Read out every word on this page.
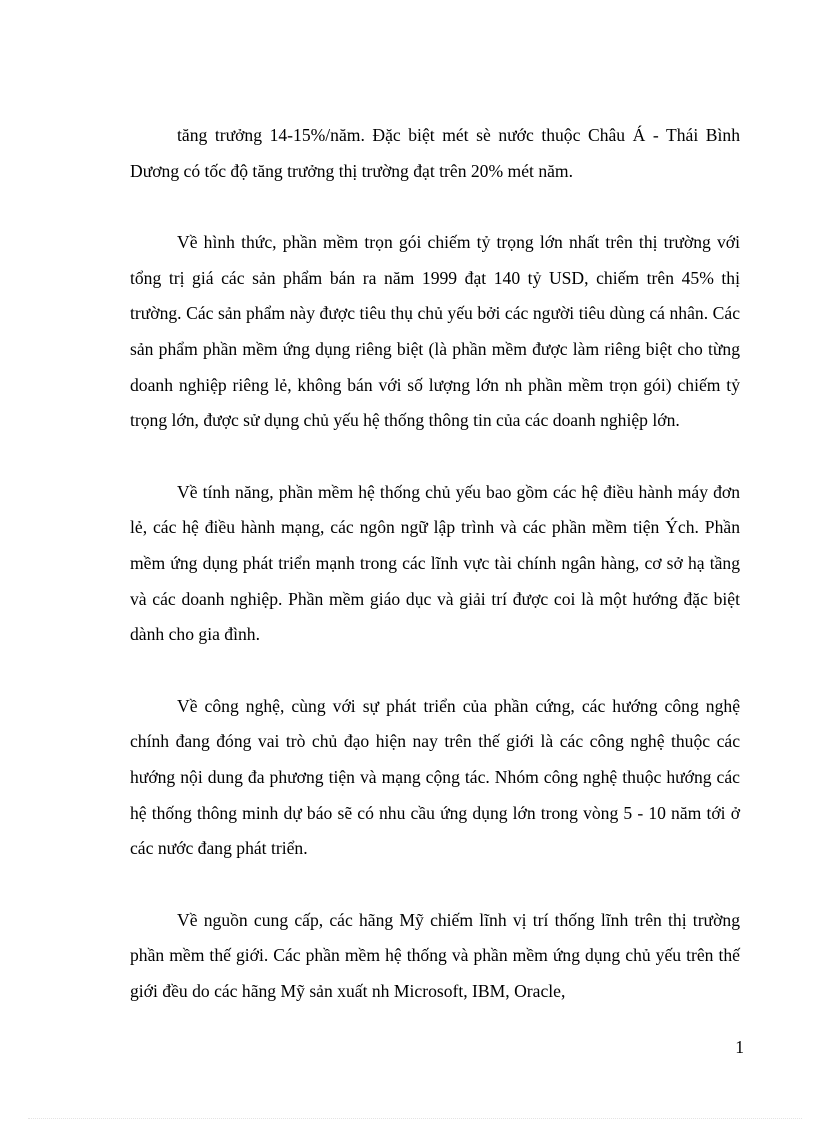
tăng trưởng 14-15%/năm. Đặc biệt mét sè nước thuộc Châu Á - Thái Bình Dương có tốc độ tăng trưởng thị trường đạt trên 20% mét năm.

Về hình thức, phần mềm trọn gói chiếm tỷ trọng lớn nhất trên thị trường với tổng trị giá các sản phẩm bán ra năm 1999 đạt 140 tỷ USD, chiếm trên 45% thị trường. Các sản phẩm này được tiêu thụ chủ yếu bởi các người tiêu dùng cá nhân. Các sản phẩm phần mềm ứng dụng riêng biệt (là phần mềm được làm riêng biệt cho từng doanh nghiệp riêng lẻ, không bán với số lượng lớn nh phần mềm trọn gói) chiếm tỷ trọng lớn, được sử dụng chủ yếu hệ thống thông tin của các doanh nghiệp lớn.

Về tính năng, phần mềm hệ thống chủ yếu bao gồm các hệ điều hành máy đơn lẻ, các hệ điều hành mạng, các ngôn ngữ lập trình và các phần mềm tiện Ých. Phần mềm ứng dụng phát triển mạnh trong các lĩnh vực tài chính ngân hàng, cơ sở hạ tầng và các doanh nghiệp. Phần mềm giáo dục và giải trí được coi là một hướng đặc biệt dành cho gia đình.

Về công nghệ, cùng với sự phát triển của phần cứng, các hướng công nghệ chính đang đóng vai trò chủ đạo hiện nay trên thế giới là các công nghệ thuộc các hướng nội dung đa phương tiện và mạng cộng tác. Nhóm công nghệ thuộc hướng các hệ thống thông minh dự báo sẽ có nhu cầu ứng dụng lớn trong vòng 5 - 10 năm tới ở các nước đang phát triển.

Về nguồn cung cấp, các hãng Mỹ chiếm lĩnh vị trí thống lĩnh trên thị trường phần mềm thế giới. Các phần mềm hệ thống và phần mềm ứng dụng chủ yếu trên thế giới đều do các hãng Mỹ sản xuất nh Microsoft, IBM, Oracle,

1
